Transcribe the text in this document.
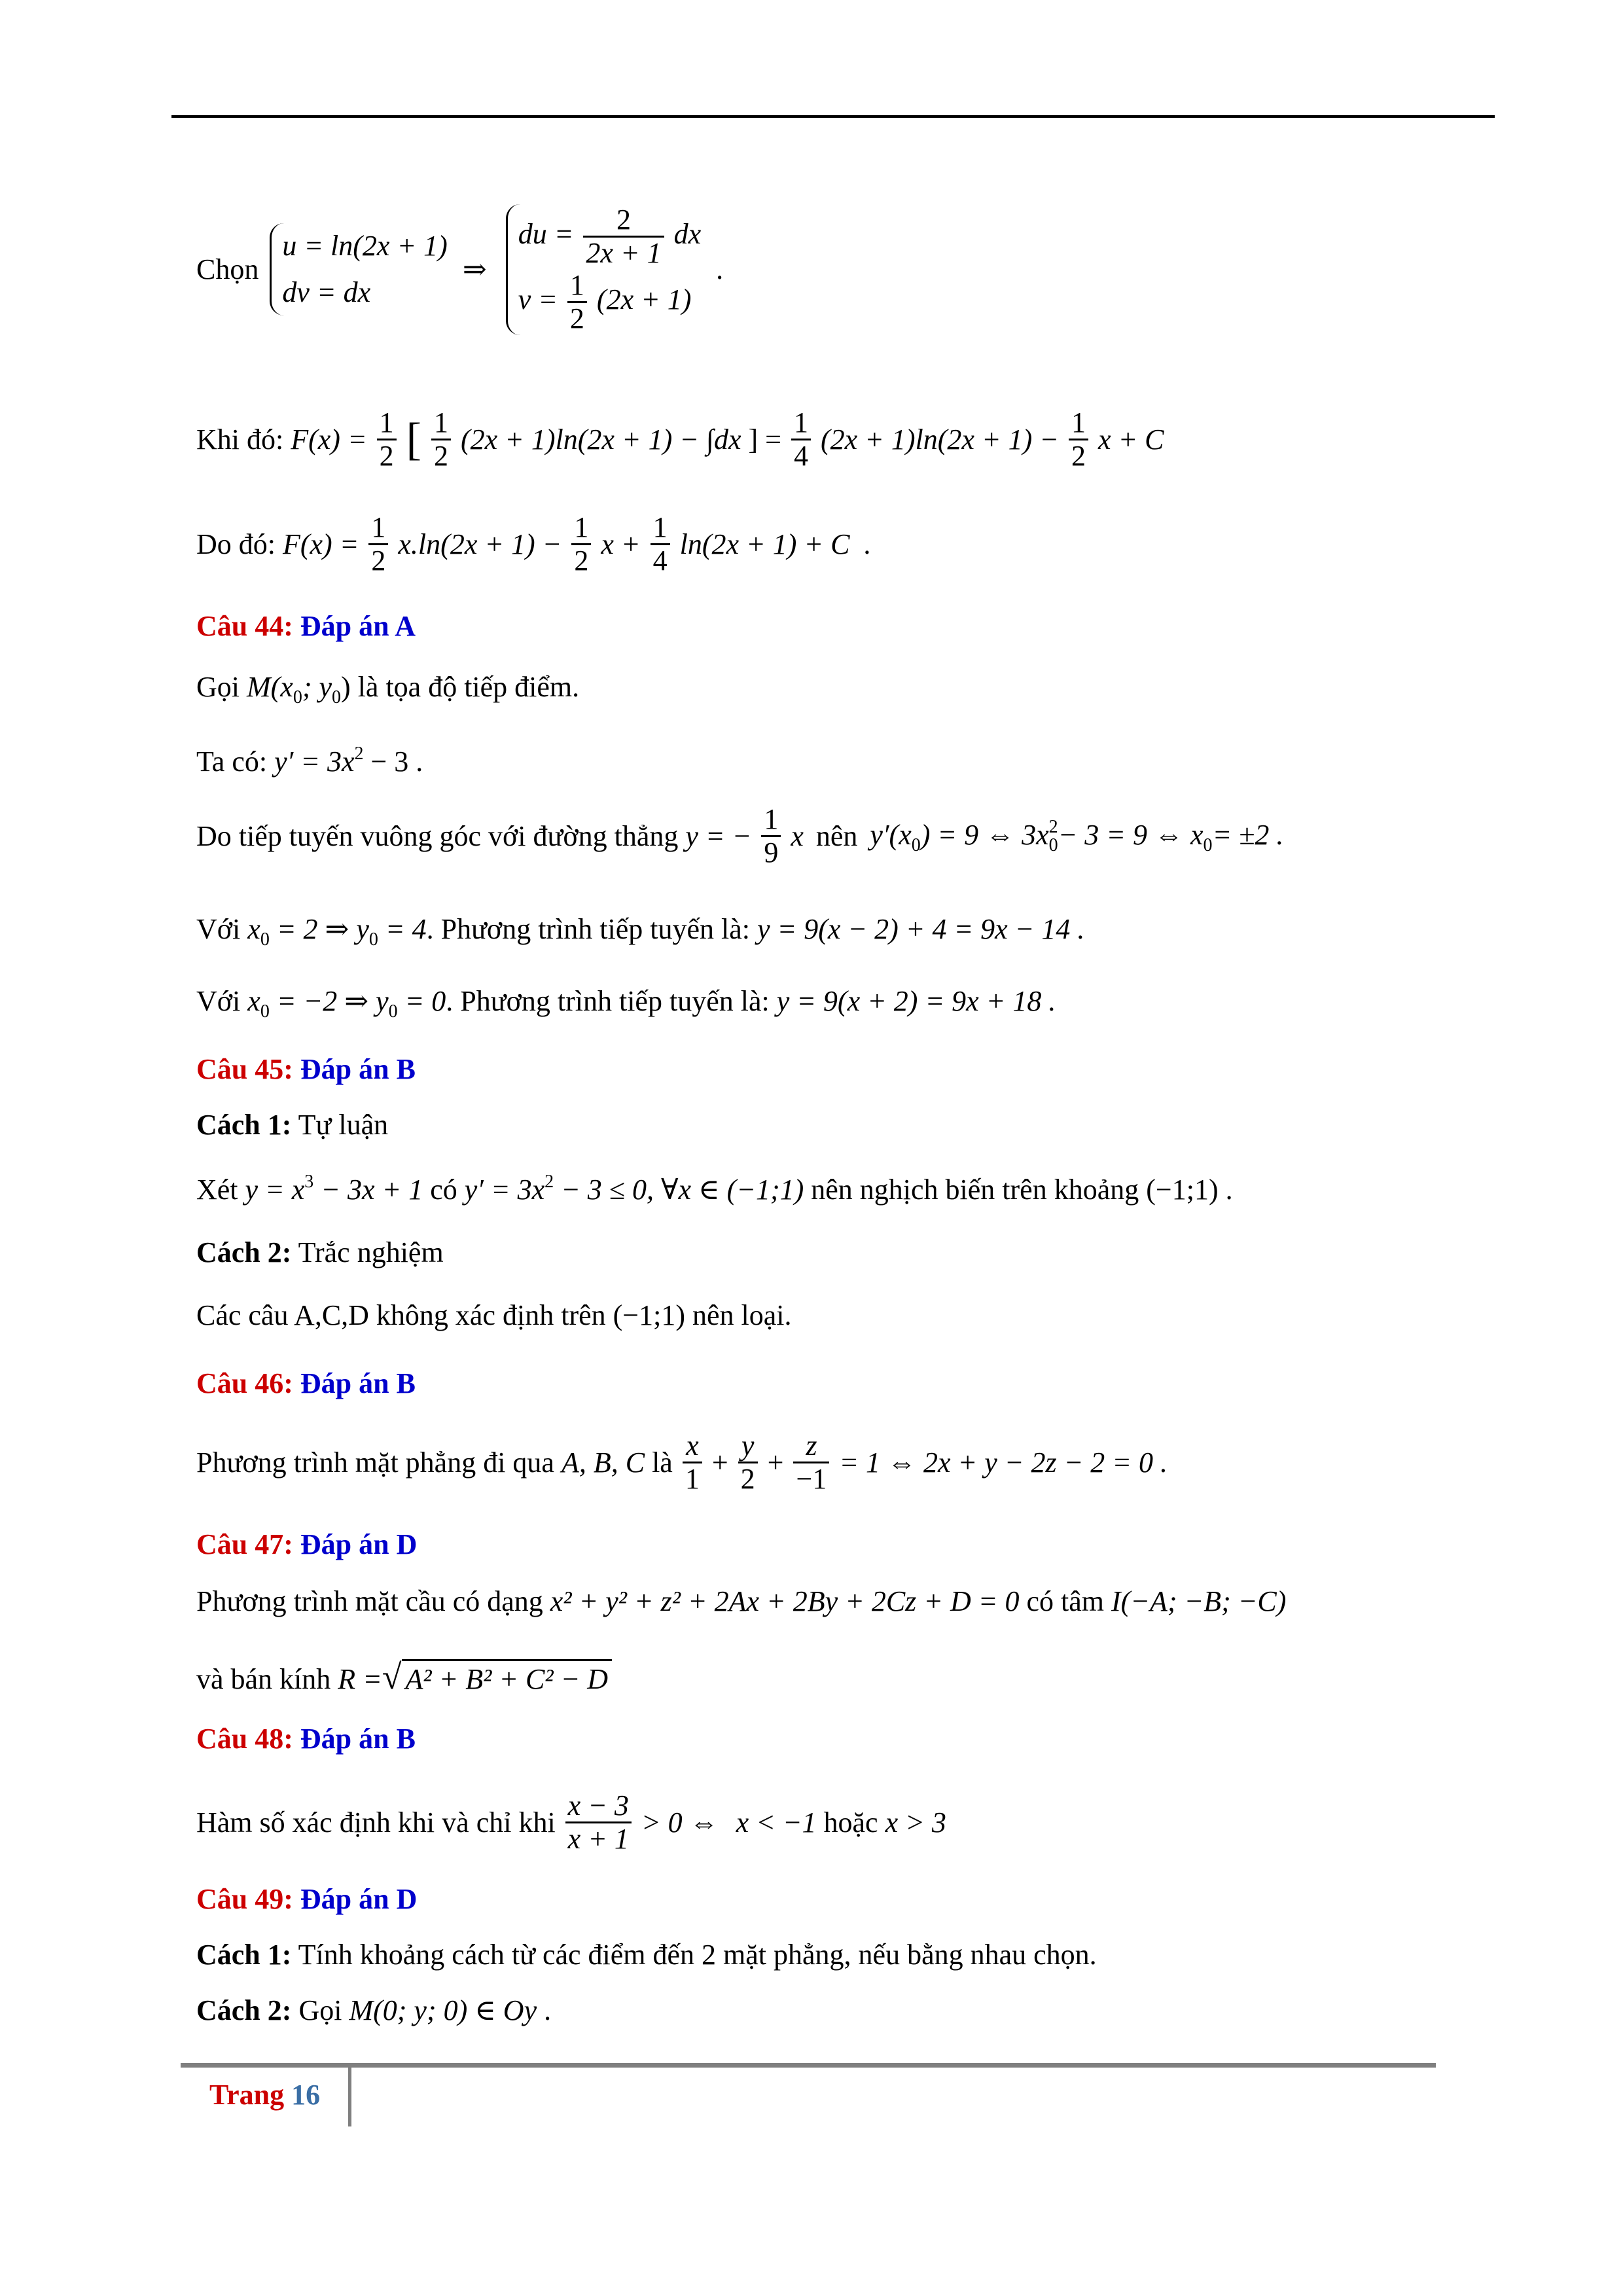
Chọn
u = ln(2x + 1)
dv = dx
⇒
du = $\frac{2}{2x + 1}$ dx
$v = \frac{1}{2} (2x + 1)$
.
Khi đó: $F(x) = \frac{1}{2}$ [ $\frac{1}{2} (2x + 1)\ln(2x + 1) - \int dx$ ] = $\frac{1}{4} (2x + 1)\ln(2x + 1) - \frac{1}{2}$ x + C
Do đó: $F(x) = \frac{1}{2} x.\ln(2x + 1) - \frac{1}{2}$ $x + \frac{1}{4} \ln(2x + 1) + C$ .
Câu 44: Đáp án A
Gọi $M(x_0$; $y_0$) là tọa độ tiếp điểm.
Ta có: $y' = 3x^2 - 3$ .
Do tiếp tuyến vuông góc với đường thẳng y = − $\frac{1}{9}$ x nên $y'(x_0) = 9$ ⇔ $3x_0^2- 3 = 9$ ⇔ $x_0= \pm 2$ .
Với $x_0 = 2$ ⇒ $y_0 = 4$. Phương trình tiếp tuyến là: y = 9(x − 2) + 4 = 9x − 14 .
Với $x_0 = -2$ ⇒ $y_0 = 0$. Phương trình tiếp tuyến là: y = 9(x + 2) = 9x + 18 .
Câu 45: Đáp án B
Cách 1: Tự luận
Xét $y = x^3 - 3x + 1$ có $y' = 3x^2 - 3 \le 0$, ∀x ∈ (−1;1) nên nghịch biến trên khoảng (−1;1) .
Cách 2: Trắc nghiệm
Các câu A,C,D không xác định trên (−1;1) nên loại.
Câu 46: Đáp án B
Phương trình mặt phẳng đi qua A, B, C là $\frac{x}{1} + \frac{y}{2} + \frac{z}{-1} = 1$ ⇔ 2x + y − 2z − 2 = 0 .
Câu 47: Đáp án D
Phương trình mặt cầu có dạng x² + y² + z² + 2Ax + 2By + 2Cz + D = 0 có tâm I(−A; −B; −C)
và bán kính R =√ A² + B² + C² − D
Câu 48: Đáp án B
Hàm số xác định khi và chỉ khi $\frac{x - 3}{x + 1} > 0$ ⇔ x < −1 hoặc x > 3
Câu 49: Đáp án D
Cách 1: Tính khoảng cách từ các điểm đến 2 mặt phẳng, nếu bằng nhau chọn.
Cách 2: Gọi M(0; y; 0) ∈ Oy .
Trang 16
